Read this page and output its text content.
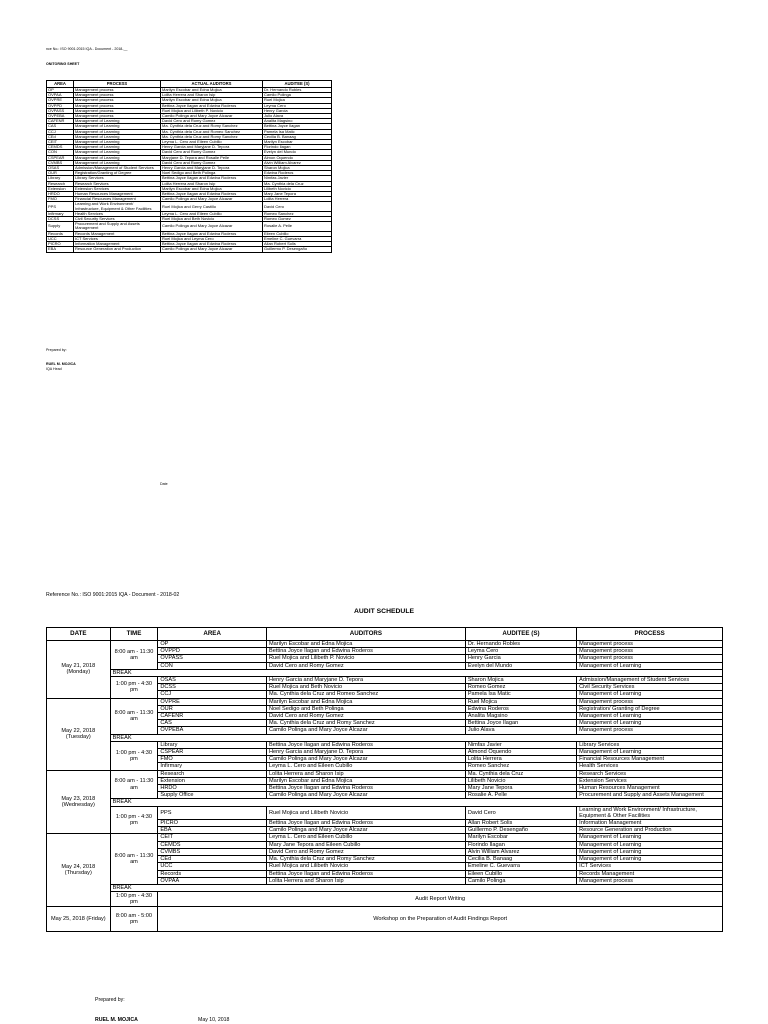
nce No.: ISO 9001:2015 IQA - Document - 2018-__
ONITORING SHEET
AREA	PROCESS	ACTUAL AUDITORS	AUDITEE (S)
OP	Management process	Marilyn Escobar and Edna Mojica	Dr. Hernando Robles
OVPAA	Management process	Lolita Herrera and Sharon Isip	Camilo Polinga
OVPRE	Management process	Marilyn Escobar and Edna Mojica	Ruel Mojica
OVPPD	Management process	Bettina Joyce Ilagan and Edwina Roderos	Leyma Cero
OVPASS	Management process	Ruel Mojica and Lilibeth P. Novicio	Henry Garcia
OVPEBA	Management process	Camilo Polinga and Mary Joyce Alcazar	Julio Alava
CAFENR	Management of Learning	David Cero and Romy Gomez	Analita Magsino
CAS	Management of Learning	Ma. Cynthia dela Cruz and Romy Sanchez	Bettina Joyce Ilagan
CCJ	Management of Learning	Ma. Cynthia dela Cruz and Romeo Sanchez	Pamela Isa Matic
CEd	Management of Learning	Ma. Cynthia dela Cruz and Romy Sanchez	Cecilia B. Banaag
CEIT	Management of Learning	Leyma L. Cero and Eileen Cubillo	Marilyn Escobar
CEMDS	Management of Learning	Henry Garcia and Maryjane D. Tepora	Florindo Ilagan
CON	Management of Learning	David Cero and Romy Gomez	Evelyn del Mundo
CSPEAR	Management of Learning	Maryjane D. Tepora and Rosalie Pelle	Almon Oquendo
CVMBS	Management of Learning	David Cero and Romy Gomez	Alvin William Alvarez
OSAS	Admission/Management of Student Services	Henry Garcia and Maryjane D. Tepora	Sharon Mojica
OUR	Registration/Granting of Degree	Noel Sedigo and Beth Polinga	Edwina Roderos
Library	Library Services	Bettina Joyce Ilagan and Edwina Roderos	Nimfas Javier
Research	Research Services	Lolita Herrera and Sharon Isip	Ma. Cynthia dela Cruz
Extension	Extension Services	Marilyn Escobar and Edna Mojica	Lilibeth Novicio
HRDO	Human Resources Management	Bettina Joyce Ilagan and Edwina Roderos	Mary Jane Tepora
FMO	Financial Resources Management	Camilo Polinga and Mary Joyce Alcazar	Lolita Herrera
PPS	Learning and Work Environment/ Infrastructure, Equipment & Other Facilities	Ruel Mojica and Gerry Castillo	David Cero
Infirmary	Health Services	Leyma L. Cero and Eileen Cubillo	Romeo Sanchez
DCSS	Civil Security Services	Ruel Mojica and Beth Novicio	Romeo Gomez
Supply	Procurement and Supply and Assets Management	Camilo Polinga and Mary Joyce Alcazar	Rosalie A. Pelle
Records	Records Management	Bettina Joyce Ilagan and Edwina Roderos	Eileen Cubillo
UCC	ICT Services	Ruel Mojica and Leyma Cero	Emeline C. Guevarra
PICRO	Information Management	Bettina Joyce Ilagan and Edwina Roderos	Allan Robert Solis
EBA	Resource Generation and Production	Camilo Polinga and Mary Joyce Alcazar	Guillermo P. Desengaño
Prepared by:
RUEL M. MOJICA
IQA Head
Date
Reference No.: ISO 9001:2015 IQA - Document - 2018-02
AUDIT SCHEDULE
DATE	TIME	AREA	AUDITORS	AUDITEE (S)	PROCESS
May 21, 2018 (Monday)	8:00 am - 11:30 am	OP	Marilyn Escobar and Edna Mojica	Dr. Hernando Robles	Management process
		OVPPD	Bettina Joyce Ilagan and Edwina Roderos	Leyma Cero	Management process
		OVPASS	Ruel Mojica and Lilibeth P. Novicio	Henry Garcia	Management process
		CON	David Cero and Romy Gomez	Evelyn del Mundo	Management of Learning
	BREAK				
	1:00 pm - 4:30 pm	OSAS	Henry Garcia and Maryjane D. Tepora	Sharon Mojica	Admission/Management of Student Services
		DCSS	Ruel Mojica and Beth Novicio	Romeo Gomez	Civil Security Services
		CCJ	Ma. Cynthia dela Cruz and Romeo Sanchez	Pamela Isa Matic	Management of Learning
May 22, 2018 (Tuesday)	8:00 am - 11:30 am	OVPRE	Marilyn Escobar and Edna Mojica	Ruel Mojica	Management process
		OUR	Noel Sedigo and Beth Polinga	Edwina Roderos	Registration/ Granting of Degree
		CAFENR	David Cero and Romy Gomez	Analita Magsino	Management of Learning
		CAS	Ma. Cynthia dela Cruz and Romy Sanchez	Bettina Joyce Ilagan	Management of Learning
		OVPEBA	Camilo Polinga and Mary Joyce Alcazar	Julio Alava	Management process
	BREAK				
	1:00 pm - 4:30 pm	Library	Bettina Joyce Ilagan and Edwina Roderos	Nimfas Javier	Library Services
		CSPEAR	Henry Garcia and Maryjane D. Tepora	Almond Oquendo	Management of Learning
		FMO	Camilo Polinga and Mary Joyce Alcazar	Lolita Herrera	Financial Resources Management
		Infirmary	Leyma L. Cero and Eileen Cubillo	Romeo Sanchez	Health Services
May 23, 2018 (Wednesday)	8:00 am - 11:30 am	Research	Lolita Herrera and Sharon Isip	Ma. Cynthia dela Cruz	Research Services
		Extension	Marilyn Escobar and Edna Mojica	Lilibeth Novicio	Extension Services
		HRDO	Bettina Joyce Ilagan and Edwina Roderos	Mary Jane Tepora	Human Resources Management
		Supply Office	Camilo Polinga and Mary Joyce Alcazar	Rosalie A. Pelle	Procurement and Supply and Assets Management
	BREAK				
	1:00 pm - 4:30 pm	PPS	Ruel Mojica and Lilibeth Novicio	David Cero	Learning and Work Environment/ Infrastructure, Equipment & Other Facilities
		PICRO	Bettina Joyce Ilagan and Edwina Roderos	Allan Robert Solis	Information Management
		EBA	Camilo Polinga and Mary Joyce Alcazar	Guillermo P. Desengaño	Resource Generation and Production
May 24, 2018 (Thursday)	8:00 am - 11:30 am	CEIT	Leyma L. Cero and Eileen Cubillo	Marilyn Escobar	Management of Learning
		CEMDS	Mary Jane Tepora and Eileen Cubillo	Florindo Ilagan	Management of Learning
		CVMBS	David Cero and Romy Gomez	Alvin William Alvarez	Management of Learning
		CEd	Ma. Cynthia dela Cruz and Romy Sanchez	Cecilia B. Banaag	Management of Learning
		UCC	Ruel Mojica and Lilibeth Novicio	Emeline C. Guevarra	ICT Services
		Records	Bettina Joyce Ilagan and Edwina Roderos	Eileen Cubillo	Records Management
		OVPAA	Lolita Herrera and Sharon Isip	Camilo Polinga	Management process
	BREAK				
	1:00 pm - 4:30 pm	Audit Report Writing			
May 25, 2018 (Friday)	8:00 am - 5:00 pm	Workshop on the Preparation of Audit Findings Report			
Prepared by:
RUEL M. MOJICA	May 10, 2018
